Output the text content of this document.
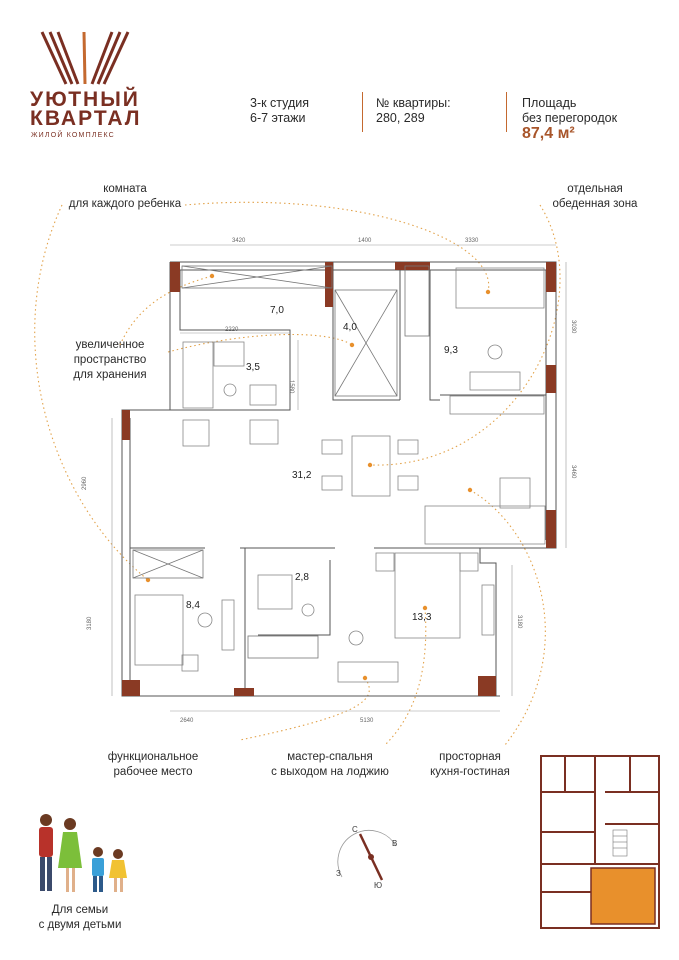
УЮТНЫЙ
КВАРТАЛ
ЖИЛОЙ КОМПЛЕКС
3-к студия
6-7 этажи
№ квартиры:
280, 289
Площадь
без перегородок
87,4 м²
комната
для каждого ребенка
отдельная
обеденная зона
увеличенное
пространство
для хранения
функциональное
рабочее место
мастер-спальня
с выходом на лоджию
просторная
кухня-гостиная
3420	1400	3330
2220
1580
3030
3460
2960
3180	3180
2640	5130
7,0
4,0
9,3
3,5
31,2
2,8
8,4
13,3
Для семьи
с двумя детьми
С
В
Ю
З
